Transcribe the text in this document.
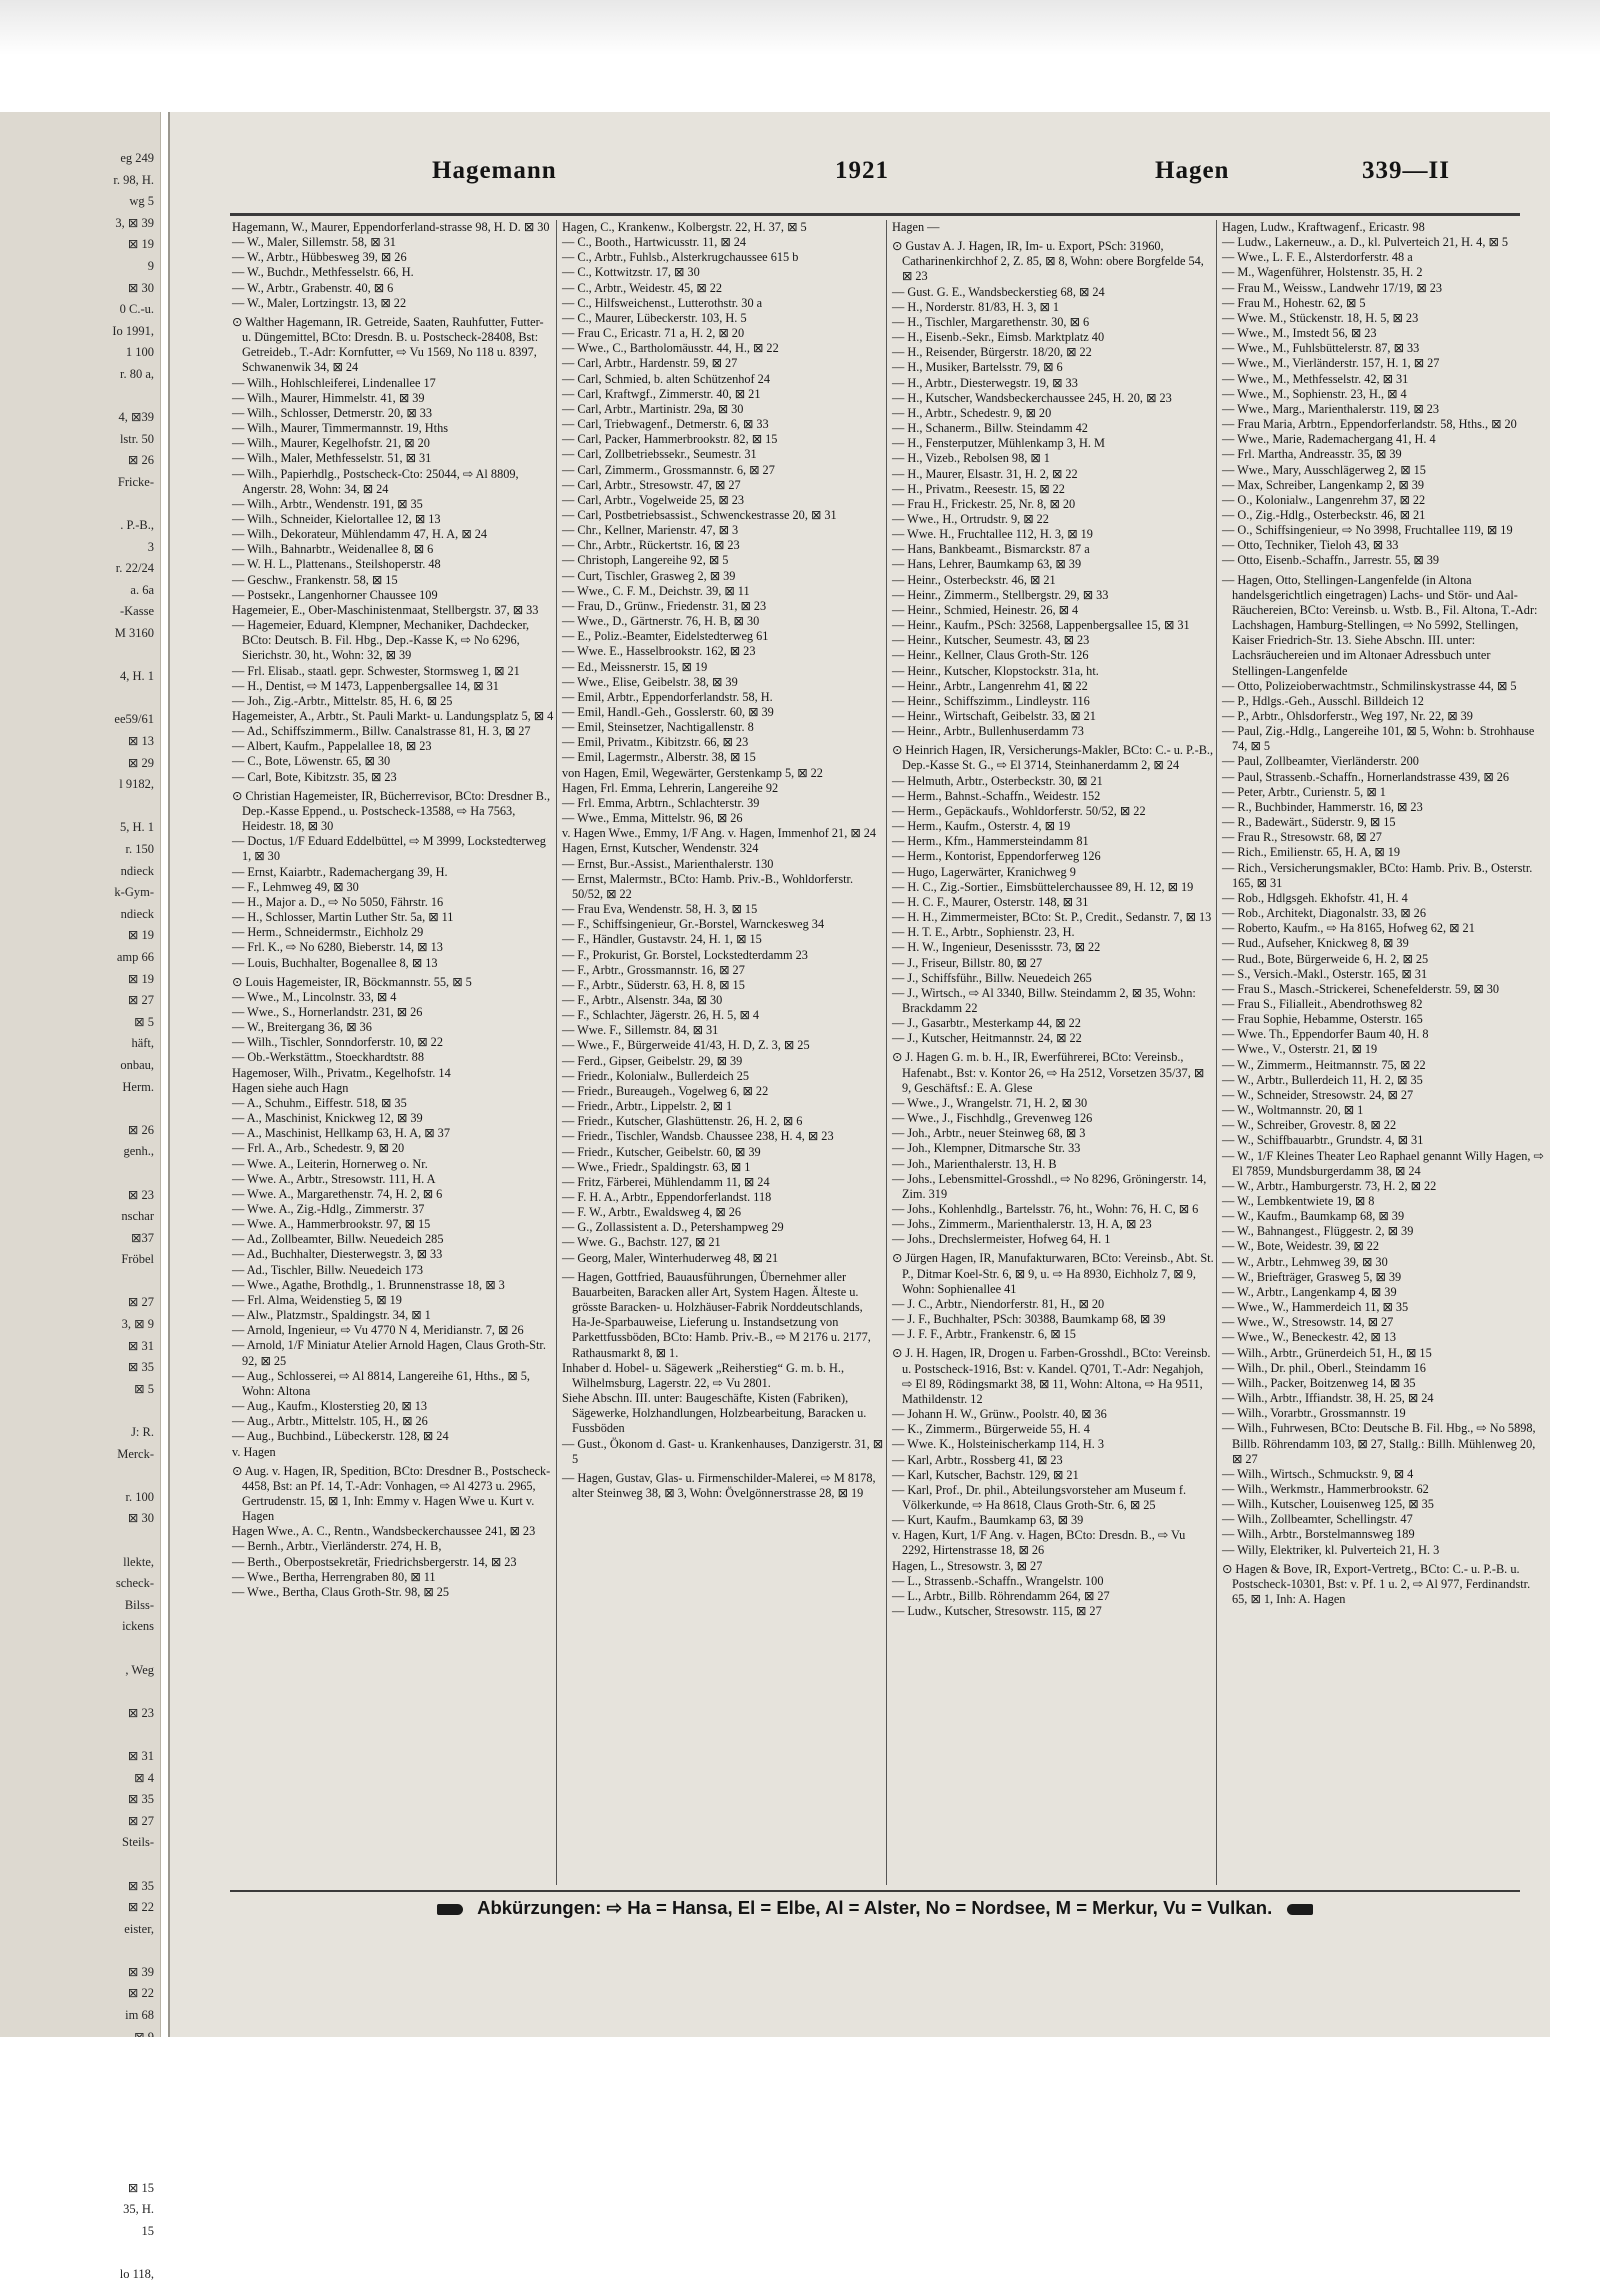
eg 249
r. 98, H.
wg 5
3, ⊠ 39
⊠ 19
9
⊠ 30
0 C.-u.
Io 1991,
1 100
r. 80 a,

4, ⊠39
lstr. 50
⊠ 26
Fricke-

. P.-B.,
3
r. 22/24
a. 6a
-Kasse
M 3160

4, H. 1

ee59/61
⊠ 13
⊠ 29
l 9182,

5, H. 1
r. 150
ndieck
k-Gym-
ndieck
⊠ 19
amp 66
⊠ 19
⊠ 27
⊠ 5
häft,
onbau,
Herm.

⊠ 26
genh.,

⊠ 23
nschar
⊠37
Fröbel

⊠ 27
3, ⊠ 9
⊠ 31
⊠ 35
⊠ 5

J: R.
Merck-

r. 100
⊠ 30

llekte,
scheck-
Bilss-
ickens

, Weg

⊠ 23

⊠ 31
⊠ 4
⊠ 35
⊠ 27
Steils-

⊠ 35
⊠ 22
eister,

⊠ 39
⊠ 22
im 68

⊠ 15
35, H.
15

lo 118,
Hagemann	1921	Hagen	339—II

Hagemann, W., Maurer, Eppendorferland-strasse 98, H. D. ⊠ 30

— W., Maler, Sillemstr. 58, ⊠ 31

— W., Arbtr., Hübbesweg 39, ⊠ 26

— W., Buchdr., Methfesselstr. 66, H.

— W., Arbtr., Grabenstr. 40, ⊠ 6

— W., Maler, Lortzingstr. 13, ⊠ 22

⊙ Walther Hagemann, IR. Getreide, Saaten, Rauhfutter, Futter- u. Düngemittel, BCto: Dresdn. B. u. Postscheck-28408, Bst: Getreideb., T.-Adr: Kornfutter, ⇨ Vu 1569, No 118 u. 8397, Schwanenwik 34, ⊠ 24

— Wilh., Hohlschleiferei, Lindenallee 17

— Wilh., Maurer, Himmelstr. 41, ⊠ 39

— Wilh., Schlosser, Detmerstr. 20, ⊠ 33

— Wilh., Maurer, Timmermannstr. 19, Hths

— Wilh., Maurer, Kegelhofstr. 21, ⊠ 20

— Wilh., Maler, Methfesselstr. 51, ⊠ 31

— Wilh., Papierhdlg., Postscheck-Cto: 25044, ⇨ Al 8809, Angerstr. 28, Wohn: 34, ⊠ 24

— Wilh., Arbtr., Wendenstr. 191, ⊠ 35

— Wilh., Schneider, Kielortallee 12, ⊠ 13

— Wilh., Dekorateur, Mühlendamm 47, H. A, ⊠ 24

— Wilh., Bahnarbtr., Weidenallee 8, ⊠ 6

— W. H. L., Plattenans., Steilshoperstr. 48

— Geschw., Frankenstr. 58, ⊠ 15

— Postsekr., Langenhorner Chaussee 109

Hagemeier, E., Ober-Maschinistenmaat, Stellbergstr. 37, ⊠ 33

— Hagemeier, Eduard, Klempner, Mechaniker, Dachdecker, BCto: Deutsch. B. Fil. Hbg., Dep.-Kasse K, ⇨ No 6296, Sierichstr. 30, ht., Wohn: 32, ⊠ 39

— Frl. Elisab., staatl. gepr. Schwester, Stormsweg 1, ⊠ 21

— H., Dentist, ⇨ M 1473, Lappenbergsallee 14, ⊠ 31

— Joh., Zig.-Arbtr., Mittelstr. 85, H. 6, ⊠ 25

Hagemeister, A., Arbtr., St. Pauli Markt- u. Landungsplatz 5, ⊠ 4

— Ad., Schiffszimmerm., Billw. Canalstrasse 81, H. 3, ⊠ 27

— Albert, Kaufm., Pappelallee 18, ⊠ 23

— C., Bote, Löwenstr. 65, ⊠ 30

— Carl, Bote, Kibitzstr. 35, ⊠ 23

⊙ Christian Hagemeister, IR, Bücherrevisor, BCto: Dresdner B., Dep.-Kasse Eppend., u. Postscheck-13588, ⇨ Ha 7563, Heidestr. 18, ⊠ 30

— Doctus, 1/F Eduard Eddelbüttel, ⇨ M 3999, Lockstedterweg 1, ⊠ 30

— Ernst, Kaiarbtr., Rademachergang 39, H.

— F., Lehmweg 49, ⊠ 30

— H., Major a. D., ⇨ No 5050, Fährstr. 16

— H., Schlosser, Martin Luther Str. 5a, ⊠ 11

— Herm., Schneidermstr., Eichholz 29

— Frl. K., ⇨ No 6280, Bieberstr. 14, ⊠ 13

— Louis, Buchhalter, Bogenallee 8, ⊠ 13

⊙ Louis Hagemeister, IR, Böckmannstr. 55, ⊠ 5

— Wwe., M., Lincolnstr. 33, ⊠ 4

— Wwe., S., Hornerlandstr. 231, ⊠ 26

— W., Breitergang 36, ⊠ 36

— Wilh., Tischler, Sonndorferstr. 10, ⊠ 22

— Ob.-Werkstättm., Stoeckhardtstr. 88

Hagemoser, Wilh., Privatm., Kegelhofstr. 14

Hagen siehe auch Hagn

— A., Schuhm., Eiffestr. 518, ⊠ 35

— A., Maschinist, Knickweg 12, ⊠ 39

— A., Maschinist, Hellkamp 63, H. A, ⊠ 37

— Frl. A., Arb., Schedestr. 9, ⊠ 20

— Wwe. A., Leiterin, Hornerweg o. Nr.

— Wwe. A., Arbtr., Stresowstr. 111, H. A

— Wwe. A., Margarethenstr. 74, H. 2, ⊠ 6

— Wwe. A., Zig.-Hdlg., Zimmerstr. 37

— Wwe. A., Hammerbrookstr. 97, ⊠ 15

— Ad., Zollbeamter, Billw. Neuedeich 285

— Ad., Buchhalter, Diesterwegstr. 3, ⊠ 33

— Ad., Tischler, Billw. Neuedeich 173

— Wwe., Agathe, Brothdlg., 1. Brunnenstrasse 18, ⊠ 3

— Frl. Alma, Weidenstieg 5, ⊠ 19

— Alw., Platzmstr., Spaldingstr. 34, ⊠ 1

— Arnold, Ingenieur, ⇨ Vu 4770 N 4, Meridianstr. 7, ⊠ 26

— Arnold, 1/F Miniatur Atelier Arnold Hagen, Claus Groth-Str. 92, ⊠ 25

— Aug., Schlosserei, ⇨ Al 8814, Langereihe 61, Hths., ⊠ 5, Wohn: Altona

— Aug., Kaufm., Klosterstieg 20, ⊠ 13

— Aug., Arbtr., Mittelstr. 105, H., ⊠ 26

— Aug., Buchbind., Lübeckerstr. 128, ⊠ 24

v. Hagen

⊙ Aug. v. Hagen, IR, Spedition, BCto: Dresdner B., Postscheck-4458, Bst: an Pf. 14, T.-Adr: Vonhagen, ⇨ Al 4273 u. 2965, Gertrudenstr. 15, ⊠ 1, Inh: Emmy v. Hagen Wwe u. Kurt v. Hagen

Hagen Wwe., A. C., Rentn., Wandsbeckerchaussee 241, ⊠ 23

— Bernh., Arbtr., Vierländerstr. 274, H. B,

— Berth., Oberpostsekretär, Friedrichsbergerstr. 14, ⊠ 23

— Wwe., Bertha, Herrengraben 80, ⊠ 11

— Wwe., Bertha, Claus Groth-Str. 98, ⊠ 25

Hagen, C., Krankenw., Kolbergstr. 22, H. 37, ⊠ 5

— C., Booth., Hartwicusstr. 11, ⊠ 24

— C., Arbtr., Fuhlsb., Alsterkrugchaussee 615 b

— C., Kottwitzstr. 17, ⊠ 30

— C., Arbtr., Weidestr. 45, ⊠ 22

— C., Hilfsweichenst., Lutterothstr. 30 a

— C., Maurer, Lübeckerstr. 103, H. 5

— Frau C., Ericastr. 71 a, H. 2, ⊠ 20

— Wwe., C., Bartholomäusstr. 44, H., ⊠ 22

— Carl, Arbtr., Hardenstr. 59, ⊠ 27

— Carl, Schmied, b. alten Schützenhof 24

— Carl, Kraftwgf., Zimmerstr. 40, ⊠ 21

— Carl, Arbtr., Martinistr. 29a, ⊠ 30

— Carl, Triebwagenf., Detmerstr. 6, ⊠ 33

— Carl, Packer, Hammerbrookstr. 82, ⊠ 15

— Carl, Zollbetriebssekr., Seumestr. 31

— Carl, Zimmerm., Grossmannstr. 6, ⊠ 27

— Carl, Arbtr., Stresowstr. 47, ⊠ 27

— Carl, Arbtr., Vogelweide 25, ⊠ 23

— Carl, Postbetriebsassist., Schwenckestrasse 20, ⊠ 31

— Chr., Kellner, Marienstr. 47, ⊠ 3

— Chr., Arbtr., Rückertstr. 16, ⊠ 23

— Christoph, Langereihe 92, ⊠ 5

— Curt, Tischler, Grasweg 2, ⊠ 39

— Wwe., C. F. M., Deichstr. 39, ⊠ 11

— Frau, D., Grünw., Friedenstr. 31, ⊠ 23

— Wwe., D., Gärtnerstr. 76, H. B, ⊠ 30

— E., Poliz.-Beamter, Eidelstedterweg 61

— Wwe. E., Hasselbrookstr. 162, ⊠ 23

— Ed., Meissnerstr. 15, ⊠ 19

— Wwe., Elise, Geibelstr. 38, ⊠ 39

— Emil, Arbtr., Eppendorferlandstr. 58, H.

— Emil, Handl.-Geh., Gosslerstr. 60, ⊠ 39

— Emil, Steinsetzer, Nachtigallenstr. 8

— Emil, Privatm., Kibitzstr. 66, ⊠ 23

— Emil, Lagermstr., Alberstr. 38, ⊠ 15

von Hagen, Emil, Wegewärter, Gerstenkamp 5, ⊠ 22

Hagen, Frl. Emma, Lehrerin, Langereihe 92

— Frl. Emma, Arbtrn., Schlachterstr. 39

— Wwe., Emma, Mittelstr. 96, ⊠ 26

v. Hagen Wwe., Emmy, 1/F Ang. v. Hagen, Immenhof 21, ⊠ 24

Hagen, Ernst, Kutscher, Wendenstr. 324

— Ernst, Bur.-Assist., Marienthalerstr. 130

— Ernst, Malermstr., BCto: Hamb. Priv.-B., Wohldorferstr. 50/52, ⊠ 22

— Frau Eva, Wendenstr. 58, H. 3, ⊠ 15

— F., Schiffsingenieur, Gr.-Borstel, Warnckesweg 34

— F., Händler, Gustavstr. 24, H. 1, ⊠ 15

— F., Prokurist, Gr. Borstel, Lockstedterdamm 23

— F., Arbtr., Grossmannstr. 16, ⊠ 27

— F., Arbtr., Süderstr. 63, H. 8, ⊠ 15

— F., Arbtr., Alsenstr. 34a, ⊠ 30

— F., Schlachter, Jägerstr. 26, H. 5, ⊠ 4

— Wwe. F., Sillemstr. 84, ⊠ 31

— Wwe., F., Bürgerweide 41/43, H. D, Z. 3, ⊠ 25

— Ferd., Gipser, Geibelstr. 29, ⊠ 39

— Friedr., Kolonialw., Bullerdeich 25

— Friedr., Bureaugeh., Vogelweg 6, ⊠ 22

— Friedr., Arbtr., Lippelstr. 2, ⊠ 1

— Friedr., Kutscher, Glashüttenstr. 26, H. 2, ⊠ 6

— Friedr., Tischler, Wandsb. Chaussee 238, H. 4, ⊠ 23

— Friedr., Kutscher, Geibelstr. 60, ⊠ 39

— Wwe., Friedr., Spaldingstr. 63, ⊠ 1

— Fritz, Färberei, Mühlendamm 11, ⊠ 24

— F. H. A., Arbtr., Eppendorferlandst. 118

— F. W., Arbtr., Ewaldsweg 4, ⊠ 26

— G., Zollassistent a. D., Petershampweg 29

— Wwe. G., Bachstr. 127, ⊠ 21

— Georg, Maler, Winterhuderweg 48, ⊠ 21

— Hagen, Gottfried, Bauausführungen, Übernehmer aller Bauarbeiten, Baracken aller Art, System Hagen. Älteste u. grösste Baracken- u. Holzhäuser-Fabrik Norddeutschlands, Ha-Je-Sparbauweise, Lieferung u. Instandsetzung von Parkettfussböden, BCto: Hamb. Priv.-B., ⇨ M 2176 u. 2177, Rathausmarkt 8, ⊠ 1.

Inhaber d. Hobel- u. Sägewerk „Reiherstieg“ G. m. b. H., Wilhelmsburg, Lagerstr. 22, ⇨ Vu 2801.

Siehe Abschn. III. unter: Baugeschäfte, Kisten (Fabriken), Sägewerke, Holzhandlungen, Holzbearbeitung, Baracken u. Fussböden

— Gust., Ökonom d. Gast- u. Krankenhauses, Danzigerstr. 31, ⊠ 5

— Hagen, Gustav, Glas- u. Firmenschilder-Malerei, ⇨ M 8178, alter Steinweg 38, ⊠ 3, Wohn: Övelgönnerstrasse 28, ⊠ 19

Hagen —

⊙ Gustav A. J. Hagen, IR, Im- u. Export, PSch: 31960, Catharinenkirchhof 2, Z. 85, ⊠ 8, Wohn: obere Borgfelde 54, ⊠ 23

— Gust. G. E., Wandsbeckerstieg 68, ⊠ 24

— H., Norderstr. 81/83, H. 3, ⊠ 1

— H., Tischler, Margarethenstr. 30, ⊠ 6

— H., Eisenb.-Sekr., Eimsb. Marktplatz 40

— H., Reisender, Bürgerstr. 18/20, ⊠ 22

— H., Musiker, Bartelsstr. 79, ⊠ 6

— H., Arbtr., Diesterwegstr. 19, ⊠ 33

— H., Kutscher, Wandsbeckerchaussee 245, H. 20, ⊠ 23

— H., Arbtr., Schedestr. 9, ⊠ 20

— H., Schanerm., Billw. Steindamm 42

— H., Fensterputzer, Mühlenkamp 3, H. M

— H., Vizeb., Rebolsen 98, ⊠ 1

— H., Maurer, Elsastr. 31, H. 2, ⊠ 22

— H., Privatm., Reesestr. 15, ⊠ 22

— Frau H., Frickestr. 25, Nr. 8, ⊠ 20

— Wwe., H., Ortrudstr. 9, ⊠ 22

— Wwe. H., Fruchtallee 112, H. 3, ⊠ 19

— Hans, Bankbeamt., Bismarckstr. 87 a

— Hans, Lehrer, Baumkamp 63, ⊠ 39

— Heinr., Osterbeckstr. 46, ⊠ 21

— Heinr., Zimmerm., Stellbergstr. 29, ⊠ 33

— Heinr., Schmied, Heinestr. 26, ⊠ 4

— Heinr., Kaufm., PSch: 32568, Lappenbergsallee 15, ⊠ 31

— Heinr., Kutscher, Seumestr. 43, ⊠ 23

— Heinr., Kellner, Claus Groth-Str. 126

— Heinr., Kutscher, Klopstockstr. 31a, ht.

— Heinr., Arbtr., Langenrehm 41, ⊠ 22

— Heinr., Schiffszimm., Lindleystr. 116

— Heinr., Wirtschaft, Geibelstr. 33, ⊠ 21

— Heinr., Arbtr., Bullenhuserdamm 73

⊙ Heinrich Hagen, IR, Versicherungs-Makler, BCto: C.- u. P.-B., Dep.-Kasse St. G., ⇨ El 3714, Steinhanerdamm 2, ⊠ 24

— Helmuth, Arbtr., Osterbeckstr. 30, ⊠ 21

— Herm., Bahnst.-Schaffn., Weidestr. 152

— Herm., Gepäckaufs., Wohldorferstr. 50/52, ⊠ 22

— Herm., Kaufm., Osterstr. 4, ⊠ 19

— Herm., Kfm., Hammersteindamm 81

— Herm., Kontorist, Eppendorferweg 126

— Hugo, Lagerwärter, Kranichweg 9

— H. C., Zig.-Sortier., Eimsbüttelerchaussee 89, H. 12, ⊠ 19

— H. C. F., Maurer, Osterstr. 148, ⊠ 31

— H. H., Zimmermeister, BCto: St. P., Credit., Sedanstr. 7, ⊠ 13

— H. T. E., Arbtr., Sophienstr. 23, H.

— H. W., Ingenieur, Desenissstr. 73, ⊠ 22

— J., Friseur, Billstr. 80, ⊠ 27

— J., Schiffsführ., Billw. Neuedeich 265

— J., Wirtsch., ⇨ Al 3340, Billw. Steindamm 2, ⊠ 35, Wohn: Brackdamm 22

— J., Gasarbtr., Mesterkamp 44, ⊠ 22

— J., Kutscher, Heitmannstr. 24, ⊠ 22

⊙ J. Hagen G. m. b. H., IR, Ewerführerei, BCto: Vereinsb., Hafenabt., Bst: v. Kontor 26, ⇨ Ha 2512, Vorsetzen 35/37, ⊠ 9, Geschäftsf.: E. A. Glese

— Wwe., J., Wrangelstr. 71, H. 2, ⊠ 30

— Wwe., J., Fischhdlg., Grevenweg 126

— Joh., Arbtr., neuer Steinweg 68, ⊠ 3

— Joh., Klempner, Ditmarsche Str. 33

— Joh., Marienthalerstr. 13, H. B

— Johs., Lebensmittel-Grosshdl., ⇨ No 8296, Gröningerstr. 14, Zim. 319

— Johs., Kohlenhdlg., Bartelsstr. 76, ht., Wohn: 76, H. C, ⊠ 6

— Johs., Zimmerm., Marienthalerstr. 13, H. A, ⊠ 23

— Johs., Drechslermeister, Hofweg 64, H. 1

⊙ Jürgen Hagen, IR, Manufakturwaren, BCto: Vereinsb., Abt. St. P., Ditmar Koel-Str. 6, ⊠ 9, u. ⇨ Ha 8930, Eichholz 7, ⊠ 9, Wohn: Sophienallee 41

— J. C., Arbtr., Niendorferstr. 81, H., ⊠ 20

— J. F., Buchhalter, PSch: 30388, Baumkamp 68, ⊠ 39

— J. F. F., Arbtr., Frankenstr. 6, ⊠ 15

⊙ J. H. Hagen, IR, Drogen u. Farben-Grosshdl., BCto: Vereinsb. u. Postscheck-1916, Bst: v. Kandel. Q701, T.-Adr: Negahjoh, ⇨ El 89, Rödingsmarkt 38, ⊠ 11, Wohn: Altona, ⇨ Ha 9511, Mathildenstr. 12

— Johann H. W., Grünw., Poolstr. 40, ⊠ 36

— K., Zimmerm., Bürgerweide 55, H. 4

— Wwe. K., Holsteinischerkamp 114, H. 3

— Karl, Arbtr., Rossberg 41, ⊠ 23

— Karl, Kutscher, Bachstr. 129, ⊠ 21

— Karl, Prof., Dr. phil., Abteilungsvorsteher am Museum f. Völkerkunde, ⇨ Ha 8618, Claus Groth-Str. 6, ⊠ 25

— Kurt, Kaufm., Baumkamp 63, ⊠ 39

v. Hagen, Kurt, 1/F Ang. v. Hagen, BCto: Dresdn. B., ⇨ Vu 2292, Hirtenstrasse 18, ⊠ 26

Hagen, L., Stresowstr. 3, ⊠ 27

— L., Strassenb.-Schaffn., Wrangelstr. 100

— L., Arbtr., Billb. Röhrendamm 264, ⊠ 27

— Ludw., Kutscher, Stresowstr. 115, ⊠ 27

Hagen, Ludw., Kraftwagenf., Ericastr. 98

— Ludw., Lakerneuw., a. D., kl. Pulverteich 21, H. 4, ⊠ 5

— Wwe., L. F. E., Alsterdorferstr. 48 a

— M., Wagenführer, Holstenstr. 35, H. 2

— Frau M., Weissw., Landwehr 17/19, ⊠ 23

— Frau M., Hohestr. 62, ⊠ 5

— Wwe. M., Stückenstr. 18, H. 5, ⊠ 23

— Wwe., M., Imstedt 56, ⊠ 23

— Wwe., M., Fuhlsbüttelerstr. 87, ⊠ 33

— Wwe., M., Vierländerstr. 157, H. 1, ⊠ 27

— Wwe., M., Methfesselstr. 42, ⊠ 31

— Wwe., M., Sophienstr. 23, H., ⊠ 4

— Wwe., Marg., Marienthalerstr. 119, ⊠ 23

— Frau Maria, Arbtrn., Eppendorferlandstr. 58, Hths., ⊠ 20

— Wwe., Marie, Rademachergang 41, H. 4

— Frl. Martha, Andreasstr. 35, ⊠ 39

— Wwe., Mary, Ausschlägerweg 2, ⊠ 15

— Max, Schreiber, Langenkamp 2, ⊠ 39

— O., Kolonialw., Langenrehm 37, ⊠ 22

— O., Zig.-Hdlg., Osterbeckstr. 46, ⊠ 21

— O., Schiffsingenieur, ⇨ No 3998, Fruchtallee 119, ⊠ 19

— Otto, Techniker, Tieloh 43, ⊠ 33

— Otto, Eisenb.-Schaffn., Jarrestr. 55, ⊠ 39

— Hagen, Otto, Stellingen-Langenfelde (in Altona handelsgerichtlich eingetragen) Lachs- und Stör- und Aal-Räuchereien, BCto: Vereinsb. u. Wstb. B., Fil. Altona, T.-Adr: Lachshagen, Hamburg-Stellingen, ⇨ No 5992, Stellingen, Kaiser Friedrich-Str. 13. Siehe Abschn. III. unter: Lachsräuchereien und im Altonaer Adressbuch unter Stellingen-Langenfelde

— Otto, Polizeioberwachtmstr., Schmilinskystrasse 44, ⊠ 5

— P., Hdlgs.-Geh., Ausschl. Billdeich 12

— P., Arbtr., Ohlsdorferstr., Weg 197, Nr. 22, ⊠ 39

— Paul, Zig.-Hdlg., Langereihe 101, ⊠ 5, Wohn: b. Strohhause 74, ⊠ 5

— Paul, Zollbeamter, Vierländerstr. 200

— Paul, Strassenb.-Schaffn., Hornerlandstrasse 439, ⊠ 26

— Peter, Arbtr., Curienstr. 5, ⊠ 1

— R., Buchbinder, Hammerstr. 16, ⊠ 23

— R., Badewärt., Süderstr. 9, ⊠ 15

— Frau R., Stresowstr. 68, ⊠ 27

— Rich., Emilienstr. 65, H. A, ⊠ 19

— Rich., Versicherungsmakler, BCto: Hamb. Priv. B., Osterstr. 165, ⊠ 31

— Rob., Hdlgsgeh. Ekhofstr. 41, H. 4

— Rob., Architekt, Diagonalstr. 33, ⊠ 26

— Roberto, Kaufm., ⇨ Ha 8165, Hofweg 62, ⊠ 21

— Rud., Aufseher, Knickweg 8, ⊠ 39

— Rud., Bote, Bürgerweide 6, H. 2, ⊠ 25

— S., Versich.-Makl., Osterstr. 165, ⊠ 31

— Frau S., Masch.-Strickerei, Schenefelderstr. 59, ⊠ 30

— Frau S., Filialleit., Abendrothsweg 82

— Frau Sophie, Hebamme, Osterstr. 165

— Wwe. Th., Eppendorfer Baum 40, H. 8

— Wwe., V., Osterstr. 21, ⊠ 19

— W., Zimmerm., Heitmannstr. 75, ⊠ 22

— W., Arbtr., Bullerdeich 11, H. 2, ⊠ 35

— W., Schneider, Stresowstr. 24, ⊠ 27

— W., Woltmannstr. 20, ⊠ 1

— W., Schreiber, Grovestr. 8, ⊠ 22

— W., Schiffbauarbtr., Grundstr. 4, ⊠ 31

— W., 1/F Kleines Theater Leo Raphael genannt Willy Hagen, ⇨ El 7859, Mundsburgerdamm 38, ⊠ 24

— W., Arbtr., Hamburgerstr. 73, H. 2, ⊠ 22

— W., Lembkentwiete 19, ⊠ 8

— W., Kaufm., Baumkamp 68, ⊠ 39

— W., Bahnangest., Flüggestr. 2, ⊠ 39

— W., Bote, Weidestr. 39, ⊠ 22

— W., Arbtr., Lehmweg 39, ⊠ 30

— W., Briefträger, Grasweg 5, ⊠ 39

— W., Arbtr., Langenkamp 4, ⊠ 39

— Wwe., W., Hammerdeich 11, ⊠ 35

— Wwe., W., Stresowstr. 14, ⊠ 27

— Wwe., W., Beneckestr. 42, ⊠ 13

— Wilh., Arbtr., Grünerdeich 51, H., ⊠ 15

— Wilh., Dr. phil., Oberl., Steindamm 16

— Wilh., Packer, Boitzenweg 14, ⊠ 35

— Wilh., Arbtr., Iffiandstr. 38, H. 25, ⊠ 24

— Wilh., Vorarbtr., Grossmannstr. 19

— Wilh., Fuhrwesen, BCto: Deutsche B. Fil. Hbg., ⇨ No 5898, Billb. Röhrendamm 103, ⊠ 27, Stallg.: Billh. Mühlenweg 20, ⊠ 27

— Wilh., Wirtsch., Schmuckstr. 9, ⊠ 4

— Wilh., Werkmstr., Hammerbrookstr. 62

— Wilh., Kutscher, Louisenweg 125, ⊠ 35

— Wilh., Zollbeamter, Schellingstr. 47

— Wilh., Arbtr., Borstelmannsweg 189

— Willy, Elektriker, kl. Pulverteich 21, H. 3

⊙ Hagen & Bove, IR, Export-Vertretg., BCto: C.- u. P.-B. u. Postscheck-10301, Bst: v. Pf. 1 u. 2, ⇨ Al 977, Ferdinandstr. 65, ⊠ 1, Inh: A. Hagen

Abkürzungen: ⇨ Ha = Hansa, El = Elbe, Al = Alster, No = Nordsee, M = Merkur, Vu = Vulkan.
